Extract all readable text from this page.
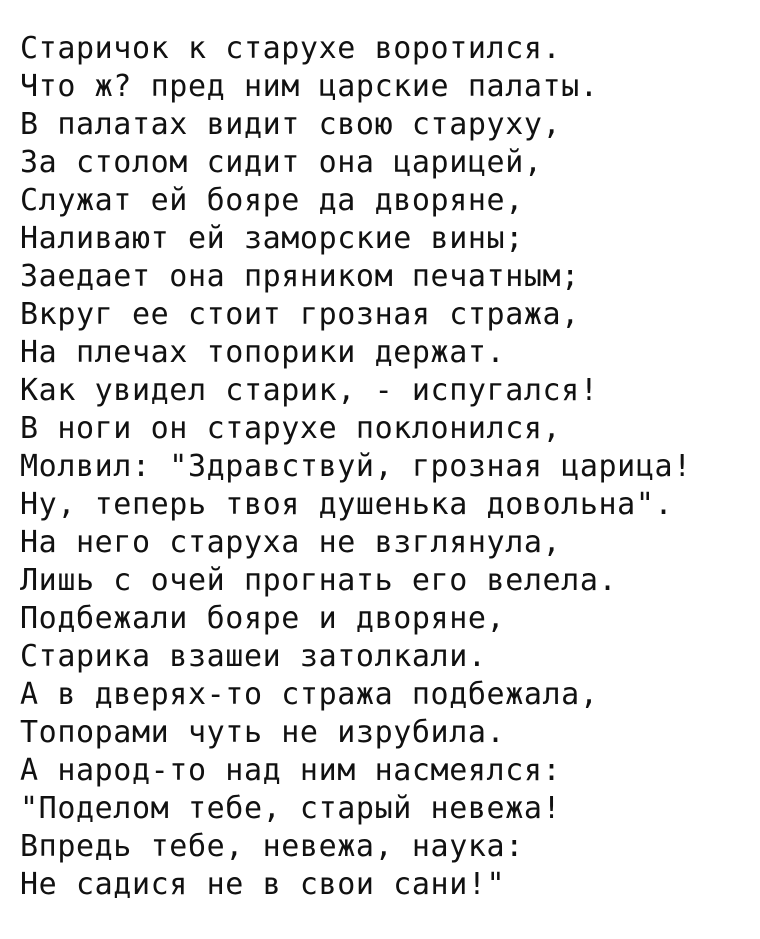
Старичок к старухе воротился.
Что ж? пред ним царские палаты.
В палатах видит свою старуху,
За столом сидит она царицей,
Служат ей бояре да дворяне,
Наливают ей заморские вины;
Заедает она пряником печатным;
Вкруг ее стоит грозная стража,
На плечах топорики держат.
Как увидел старик, - испугался!
В ноги он старухе поклонился,
Молвил: "Здравствуй, грозная царица!
Ну, теперь твоя душенька довольна".
На него старуха не взглянула,
Лишь с очей прогнать его велела.
Подбежали бояре и дворяне,
Старика взашеи затолкали.
А в дверях-то стража подбежала,
Топорами чуть не изрубила.
А народ-то над ним насмеялся:
"Поделом тебе, старый невежа!
Впредь тебе, невежа, наука:
Не садися не в свои сани!"
